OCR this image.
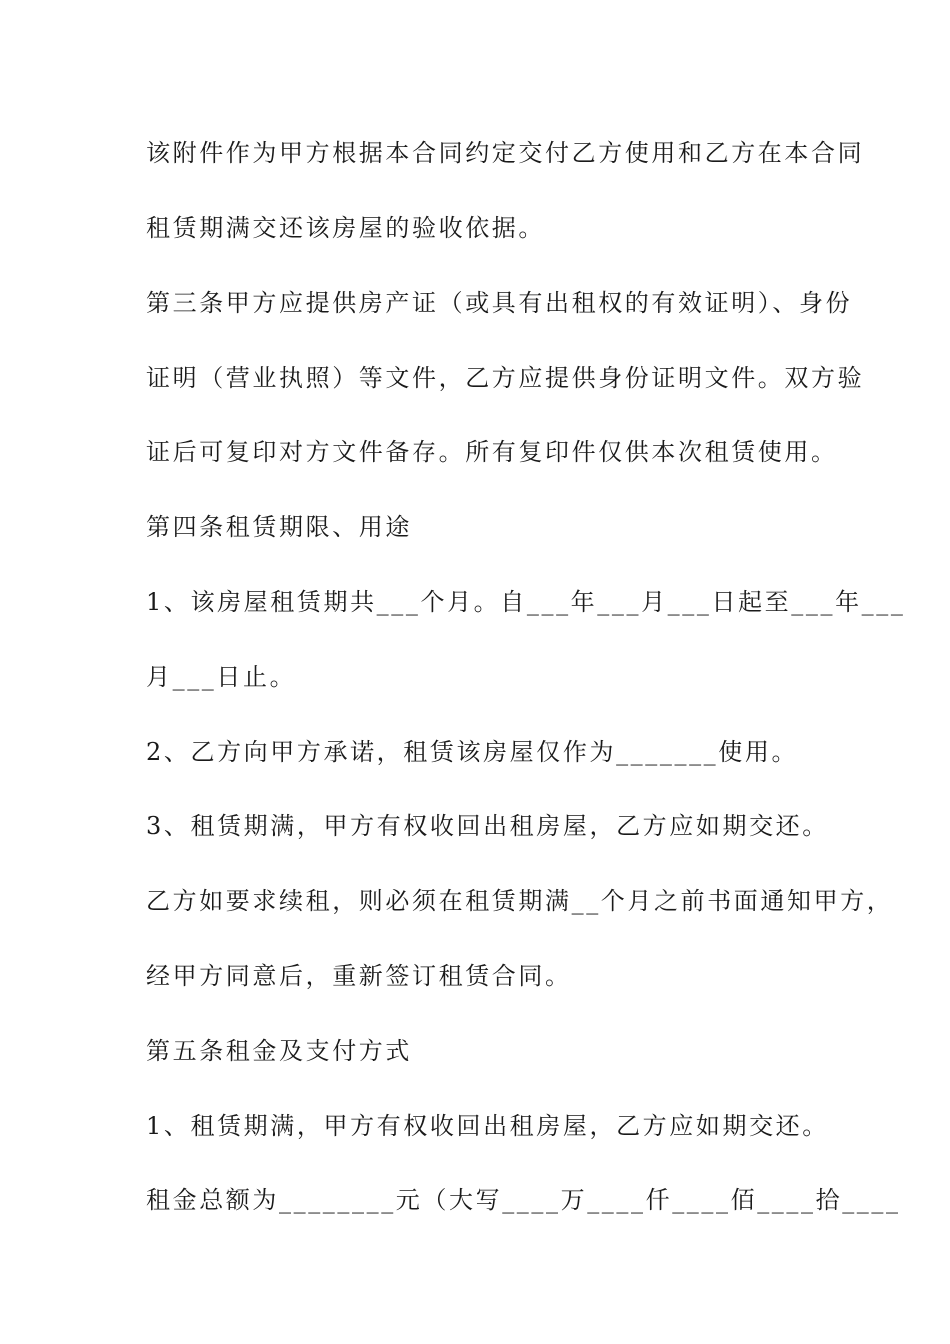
该附件作为甲方根据本合同约定交付乙方使用和乙方在本合同
租赁期满交还该房屋的验收依据。
第三条甲方应提供房产证（或具有出租权的有效证明）、身份
证明（营业执照）等文件，乙方应提供身份证明文件。双方验
证后可复印对方文件备存。所有复印件仅供本次租赁使用。
第四条租赁期限、用途
1、该房屋租赁期共___个月。自___年___月___日起至___年___
月___日止。
2、乙方向甲方承诺，租赁该房屋仅作为_______使用。
3、租赁期满，甲方有权收回出租房屋，乙方应如期交还。
乙方如要求续租，则必须在租赁期满__个月之前书面通知甲方，
经甲方同意后，重新签订租赁合同。
第五条租金及支付方式
1、租赁期满，甲方有权收回出租房屋，乙方应如期交还。
租金总额为________元（大写____万____仟____佰____拾____
